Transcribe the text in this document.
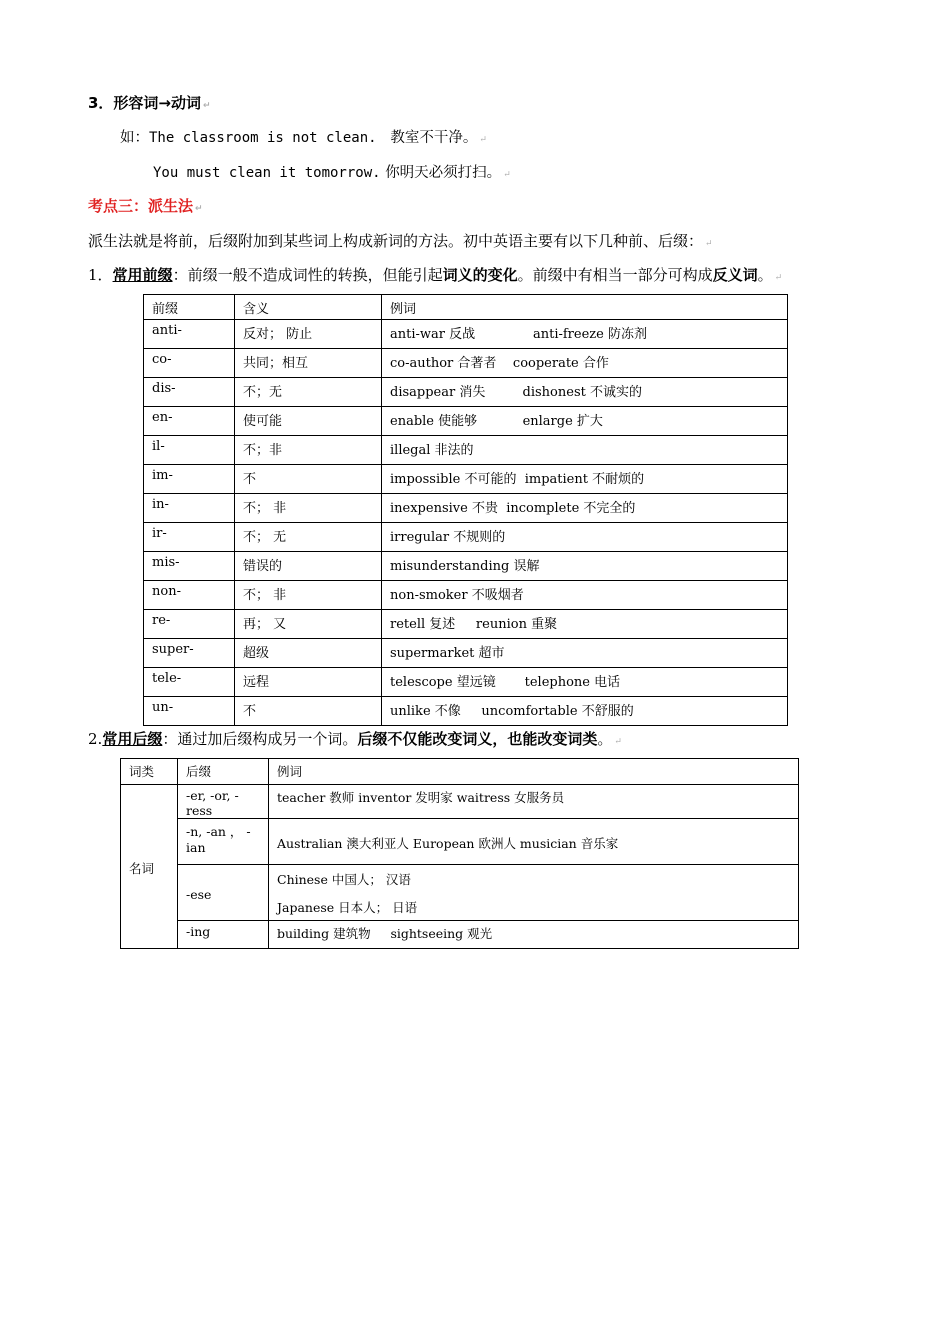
3．形容词→动词 ↵
如：The classroom is not clean. 教室不干净。 ↵
You must clean it tomorrow. 你明天必须打扫。 ↵
考点三：派生法 ↵
派生法就是将前，后缀附加到某些词上构成新词的方法。初中英语主要有以下几种前、后缀： ↵
1．常用前缀：前缀一般不造成词性的转换，但能引起词义的变化。前缀中有相当一部分可构成反义词。 ↵
前缀	含义	例词
anti-	反对； 防止	anti-war 反战              anti-freeze 防冻剂
co-	共同；相互	co-author 合著者    cooperate 合作
dis-	不；无	disappear 消失         dishonest 不诚实的
en-	使可能	enable 使能够           enlarge 扩大
il-	不；非	illegal 非法的
im-	不	impossible 不可能的  impatient 不耐烦的
in-	不； 非	inexpensive 不贵  incomplete 不完全的
ir-	不； 无	irregular 不规则的
mis-	错误的	misunderstanding 误解
non-	不； 非	non-smoker 不吸烟者
re-	再； 又	retell 复述     reunion 重聚
super-	超级	supermarket 超市
tele-	远程	telescope 望远镜       telephone 电话
un-	不	unlike 不像     uncomfortable 不舒服的
2.常用后缀：通过加后缀构成另一个词。后缀不仅能改变词义，也能改变词类。 ↵
词类	后缀	例词
名词	-er, -or, -ress	teacher 教师 inventor 发明家 waitress 女服务员
	-n, -an ， -ian	Australian 澳大利亚人 European 欧洲人 musician 音乐家
	-ese	Chinese 中国人； 汉语
Japanese 日本人； 日语

	-ing	building 建筑物     sightseeing 观光
